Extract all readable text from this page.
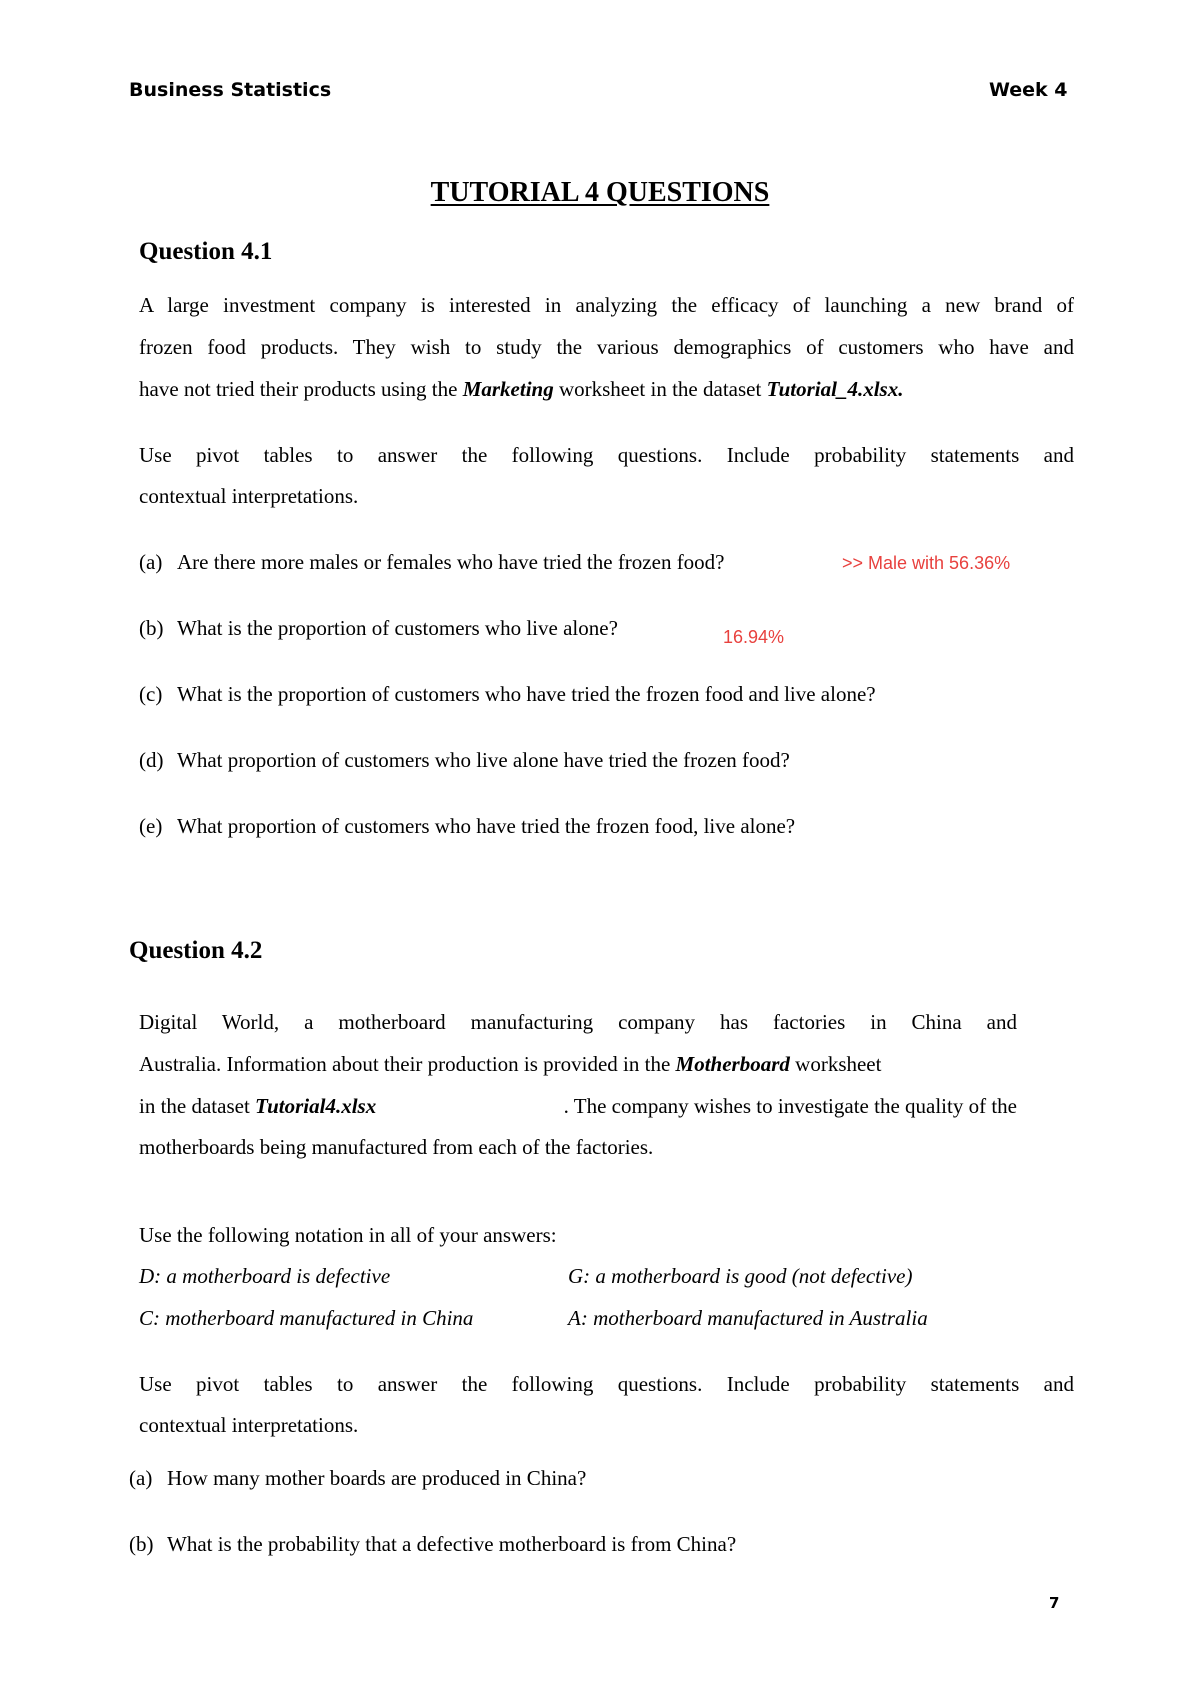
Business Statistics	Week 4
TUTORIAL 4 QUESTIONS
Question 4.1
A large investment company is interested in analyzing the efficacy of launching a new brand of
frozen food products. They wish to study the various demographics of customers who have and
have not tried their products using the Marketing worksheet in the dataset Tutorial_4.xlsx.
Use pivot tables to answer the following questions. Include probability statements and
contextual interpretations.
(a) Are there more males or females who have tried the frozen food?	>> Male with 56.36%
(b) What is the proportion of customers who live alone?	16.94%
(c) What is the proportion of customers who have tried the frozen food and live alone?
(d) What proportion of customers who live alone have tried the frozen food?
(e) What proportion of customers who have tried the frozen food, live alone?
Question 4.2
Digital World, a motherboard manufacturing company has factories in China and
Australia. Information about their production is provided in the Motherboard worksheet
in the dataset Tutorial4.xlsx	. The company wishes to investigate the quality of the
motherboards being manufactured from each of the factories.
Use the following notation in all of your answers:
D: a motherboard is defective	G: a motherboard is good (not defective)
C: motherboard manufactured in China	A: motherboard manufactured in Australia
Use pivot tables to answer the following questions. Include probability statements and
contextual interpretations.
(a) How many mother boards are produced in China?
(b) What is the probability that a defective motherboard is from China?
7
